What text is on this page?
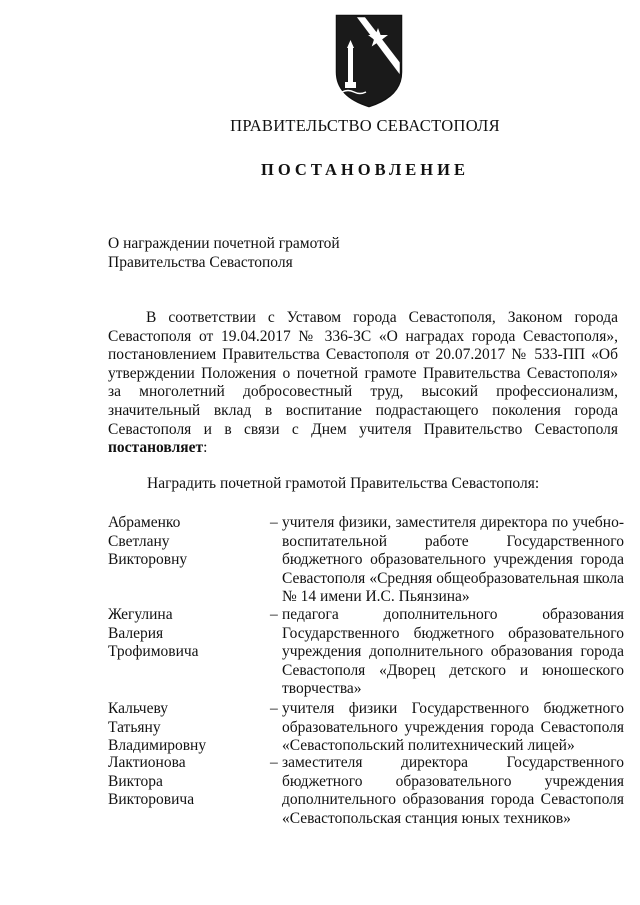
ПРАВИТЕЛЬСТВО СЕВАСТОПОЛЯ
ПОСТАНОВЛЕНИЕ
О награждении почетной грамотой
Правительства Севастополя
В соответствии с Уставом города Севастополя, Законом города Севастополя от 19.04.2017 № 336-ЗС «О наградах города Севастополя», постановлением Правительства Севастополя от 20.07.2017 № 533-ПП «Об утверждении Положения о почетной грамоте Правительства Севастополя» за многолетний добросовестный труд, высокий профессионализм, значительный вклад в воспитание подрастающего поколения города Севастополя и в связи с Днем учителя Правительство Севастополя постановляет:
Наградить почетной грамотой Правительства Севастополя:
Абраменко
Светлану
Викторовну
– учителя физики, заместителя директора по учебно-воспитательной работе Государственного бюджетного образовательного учреждения города Севастополя «Средняя общеобразовательная школа № 14 имени И.С. Пьянзина»
Жегулина
Валерия
Трофимовича
– педагога дополнительного образования Государственного бюджетного образовательного учреждения дополнительного образования города Севастополя «Дворец детского и юношеского творчества»
Кальчеву
Татьяну
Владимировну
– учителя физики Государственного бюджетного образовательного учреждения города Севастополя «Севастопольский политехнический лицей»
Лактионова
Виктора
Викторовича
– заместителя директора Государственного бюджетного образовательного учреждения дополнительного образования города Севастополя «Севастопольская станция юных техников»
